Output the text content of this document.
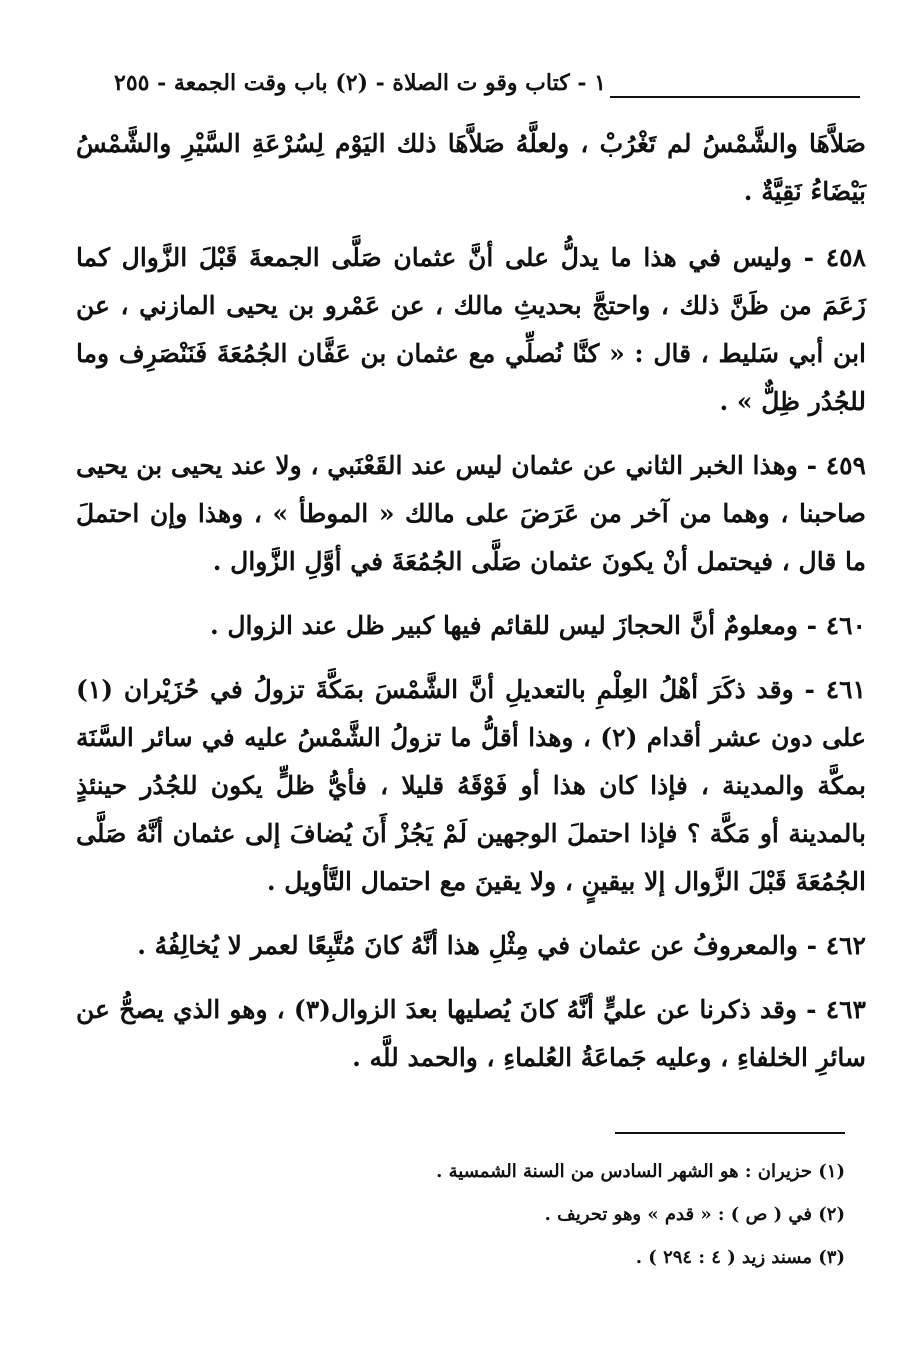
١ - كتاب وقو ت الصلاة - (٢) باب وقت الجمعة - ٢٥٥

صَلاَّهَا والشَّمْسُ لم تَغْرُبْ ، ولعلَّهُ صَلاَّهَا ذلك اليَوْم لِسُرْعَةِ السَّيْرِ والشَّمْسُ بَيْضَاءُ نَقِيَّةٌ .

٤٥٨ - وليس في هذا ما يدلُّ على أنَّ عثمان صَلَّى الجمعةَ قَبْلَ الزَّوال كما زَعَمَ من ظَنَّ ذلك ، واحتجَّ بحديثِ مالك ، عن عَمْرو بن يحيى المازني ، عن ابن أبي سَليط ، قال : « كنَّا نُصلِّي مع عثمان بن عَفَّان الجُمُعَةَ فَنَنْصَرِف وما للجُدُر ظِلٌّ » .

٤٥٩ - وهذا الخبر الثاني عن عثمان ليس عند القَعْنَبي ، ولا عند يحيى بن يحيى صاحبنا ، وهما من آخر من عَرَضَ على مالك « الموطأ » ، وهذا وإن احتملَ ما قال ، فيحتمل أنْ يكونَ عثمان صَلَّى الجُمُعَةَ في أوَّلِ الزَّوال .

٤٦٠ - ومعلومٌ أنَّ الحجازَ ليس للقائم فيها كبير ظل عند الزوال .

٤٦١ - وقد ذكَرَ أهْلُ العِلْمِ بالتعديلِ أنَّ الشَّمْسَ بمَكَّةَ تزولُ في حُزَيْران (١) على دون عشر أقدام (٢) ، وهذا أقلُّ ما تزولُ الشَّمْسُ عليه في سائر السَّنَة بمكَّة والمدينة ، فإذا كان هذا أو فَوْقَهُ قليلا ، فأيُّ ظلٍّ يكون للجُدُر حينئذٍ بالمدينة أو مَكَّة ؟ فإذا احتملَ الوجهين لَمْ يَجُزْ أَنَ يُضافَ إلى عثمان أنَّهُ صَلَّى الجُمُعَةَ قَبْلَ الزَّوال إلا بيقينٍ ، ولا يقينَ مع احتمال التَّأويل .

٤٦٢ - والمعروفُ عن عثمان في مِثْلِ هذا أنَّهُ كانَ مُتَّبِعًا لعمر لا يُخالِفُهُ .

٤٦٣ - وقد ذكرنا عن عليٍّ أنَّهُ كانَ يُصليها بعدَ الزوال(٣) ، وهو الذي يصحُّ عن سائرِ الخلفاءِ ، وعليه جَماعَةُ العُلماءِ ، والحمد للَّه .

(١) حزيران : هو الشهر السادس من السنة الشمسية .
(٢) في ( ص ) : « قدم » وهو تحريف .
(٣) مسند زيد ( ٤ : ٢٩٤ ) .
